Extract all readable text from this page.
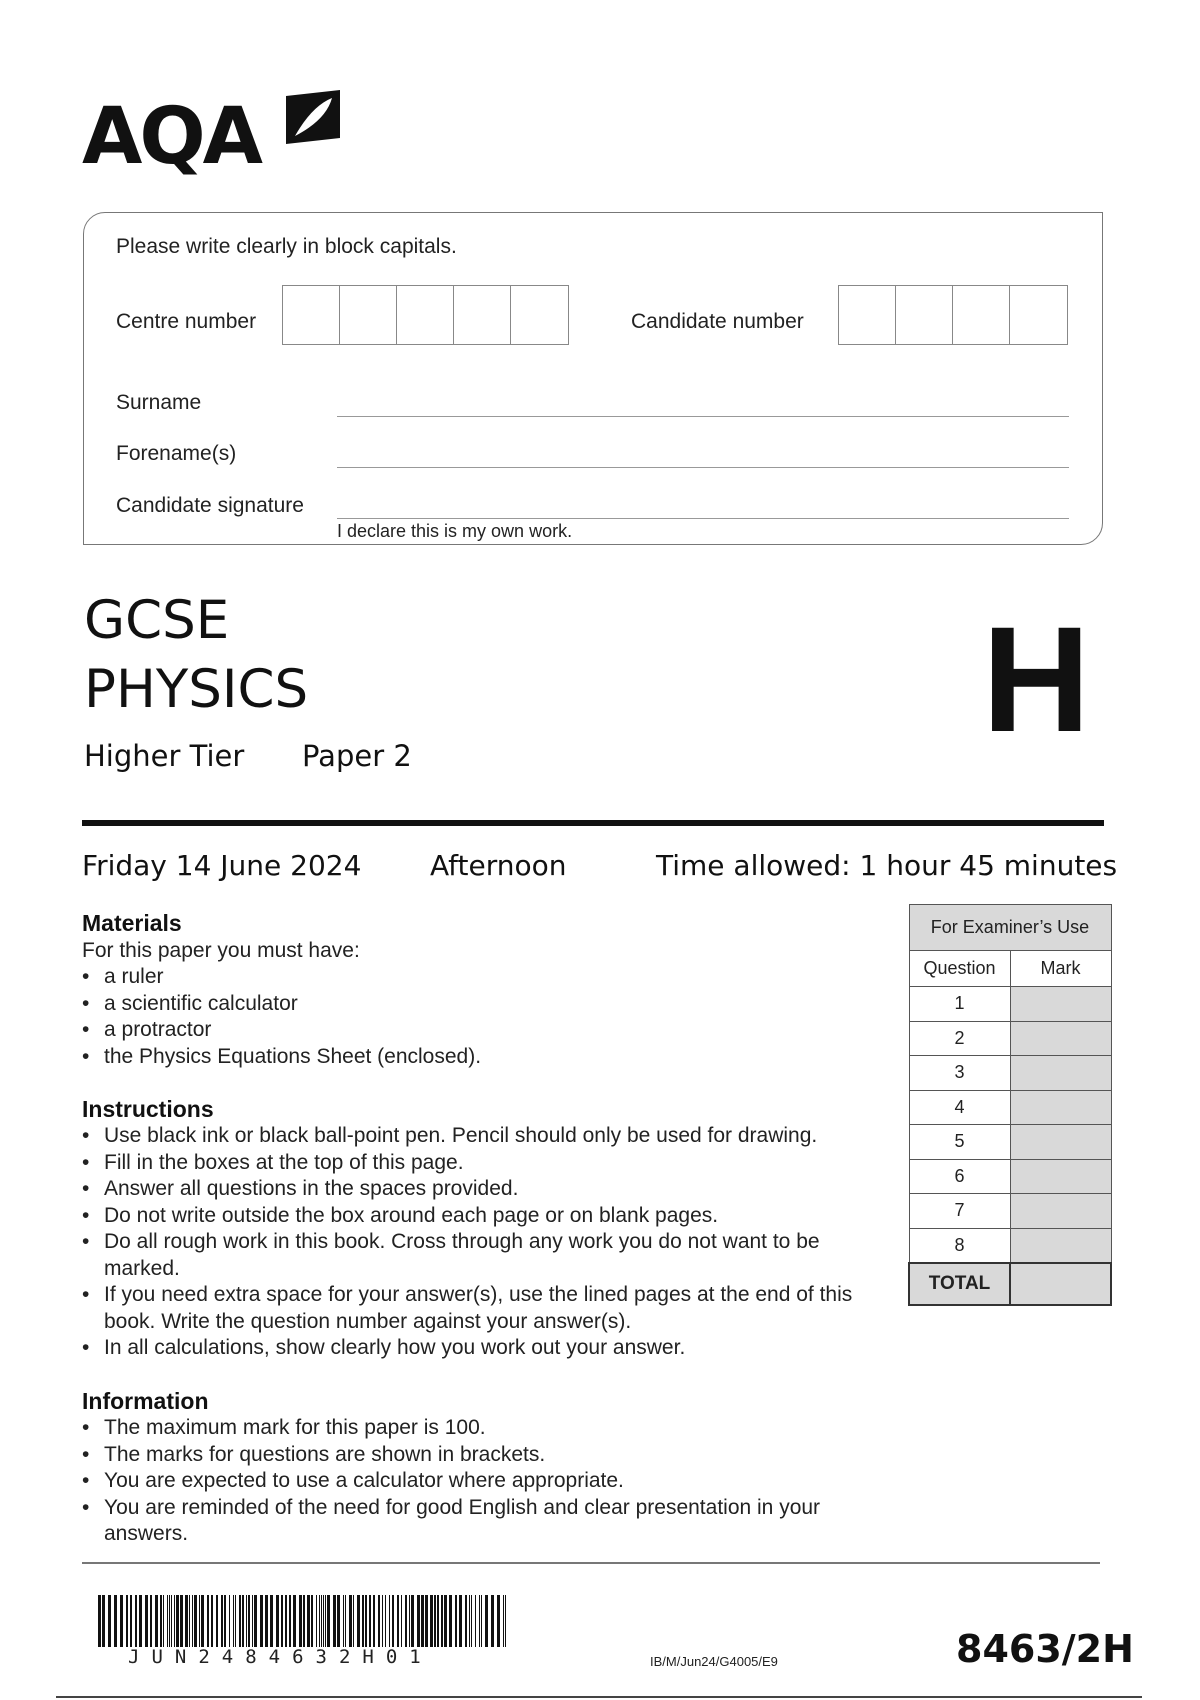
AQA
Please write clearly in block capitals.
Centre number	Candidate number
Surname
Forename(s)
Candidate signature
I declare this is my own work.
GCSE
PHYSICS
Higher Tier Paper 2	H
Friday 14 June 2024 Afternoon	Time allowed: 1 hour 45 minutes
Materials
For this paper you must have:
• a ruler
• a scientific calculator
• a protractor
• the Physics Equations Sheet (enclosed).
Instructions
• Use black ink or black ball-point pen. Pencil should only be used for drawing.
• Fill in the boxes at the top of this page.
• Answer all questions in the spaces provided.
• Do not write outside the box around each page or on blank pages.
• Do all rough work in this book. Cross through any work you do not want to be marked.
• If you need extra space for your answer(s), use the lined pages at the end of this book. Write the question number against your answer(s).
• In all calculations, show clearly how you work out your answer.
Information
• The maximum mark for this paper is 100.
• The marks for questions are shown in brackets.
• You are expected to use a calculator where appropriate.
• You are reminded of the need for good English and clear presentation in your answers.
For Examiner’s Use	
Question	Mark
1	
2	
3	
4	
5	
6	
7	
8	
TOTAL	
JUN2484632H01	IB/M/Jun24/G4005/E9	8463/2H
